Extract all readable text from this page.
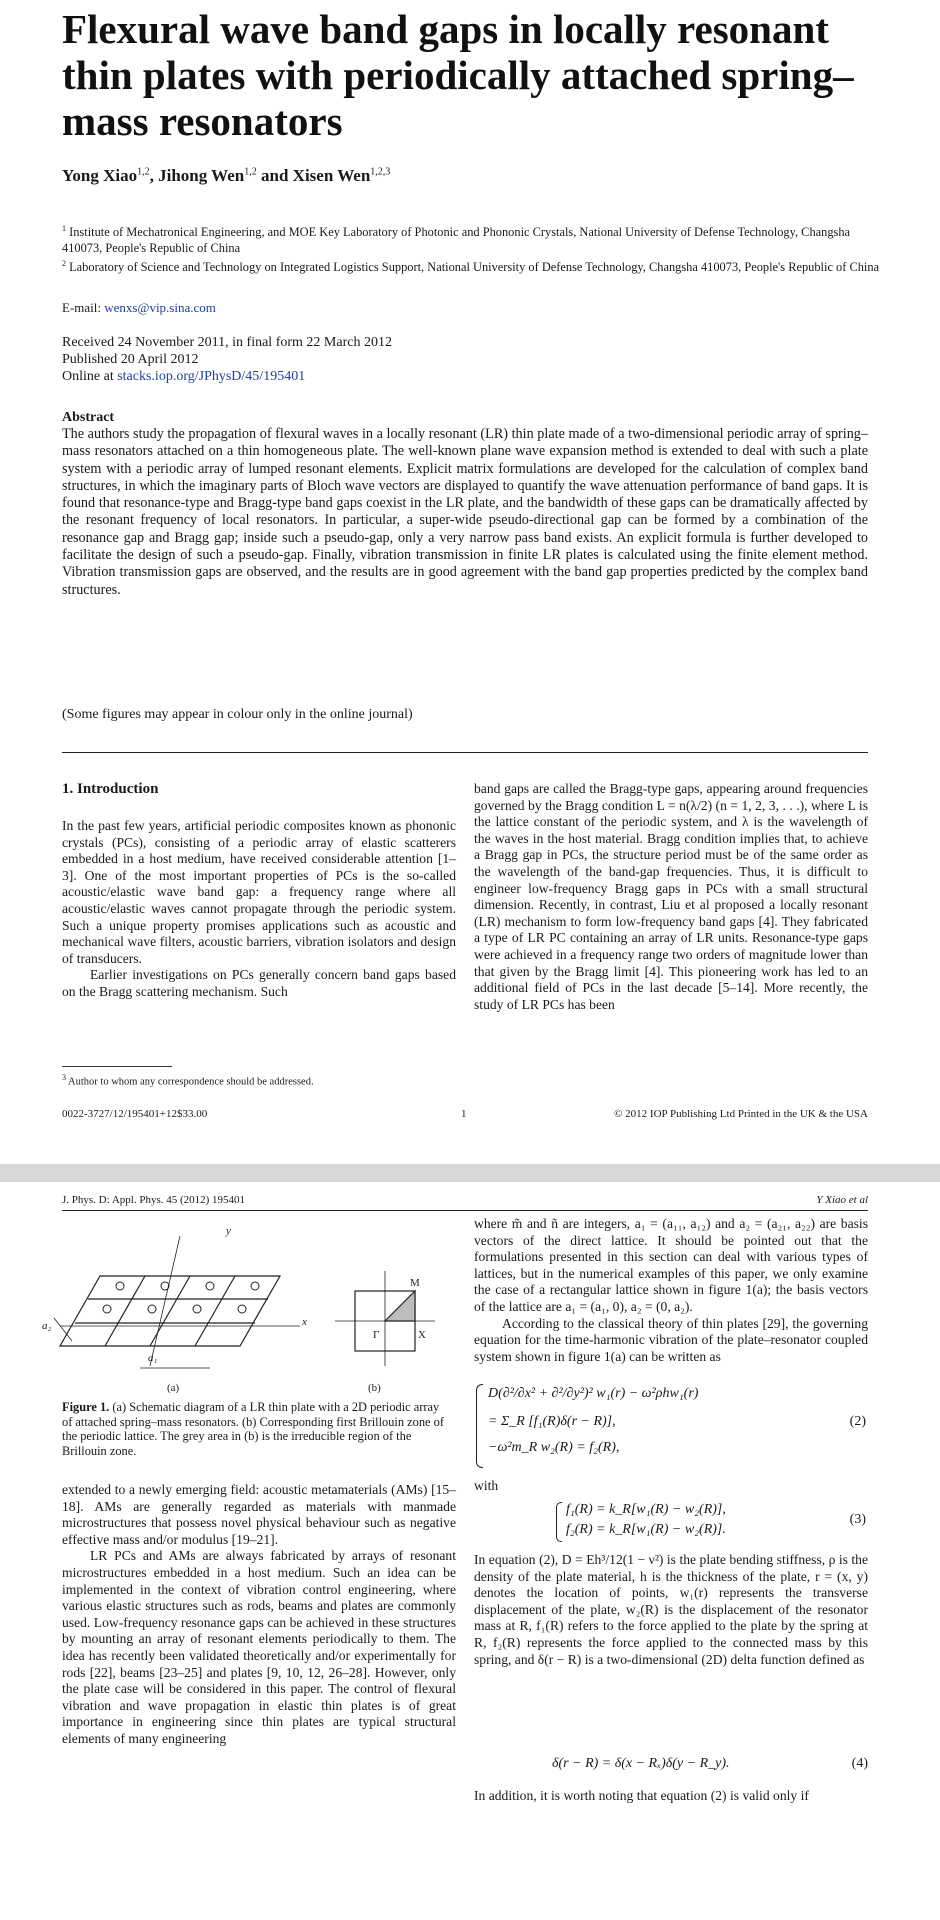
Flexural wave band gaps in locally resonant thin plates with periodically attached spring–mass resonators
Yong Xiao$^{1,2}$, Jihong Wen$^{1,2}$ and Xisen Wen$^{1,2,3}$
$^1$ Institute of Mechatronical Engineering, and MOE Key Laboratory of Photonic and Phononic Crystals, National University of Defense Technology, Changsha 410073, People's Republic of China
$^2$ Laboratory of Science and Technology on Integrated Logistics Support, National University of Defense Technology, Changsha 410073, People's Republic of China
E-mail: wenxs@vip.sina.com
Received 24 November 2011, in final form 22 March 2012
Published 20 April 2012
Online at stacks.iop.org/JPhysD/45/195401
Abstract
The authors study the propagation of flexural waves in a locally resonant (LR) thin plate made of a two-dimensional periodic array of spring–mass resonators attached on a thin homogeneous plate. The well-known plane wave expansion method is extended to deal with such a plate system with a periodic array of lumped resonant elements. Explicit matrix formulations are developed for the calculation of complex band structures, in which the imaginary parts of Bloch wave vectors are displayed to quantify the wave attenuation performance of band gaps. It is found that resonance-type and Bragg-type band gaps coexist in the LR plate, and the bandwidth of these gaps can be dramatically affected by the resonant frequency of local resonators. In particular, a super-wide pseudo-directional gap can be formed by a combination of the resonance gap and Bragg gap; inside such a pseudo-gap, only a very narrow pass band exists. An explicit formula is further developed to facilitate the design of such a pseudo-gap. Finally, vibration transmission in finite LR plates is calculated using the finite element method. Vibration transmission gaps are observed, and the results are in good agreement with the band gap properties predicted by the complex band structures.
(Some figures may appear in colour only in the online journal)
1. Introduction

In the past few years, artificial periodic composites known as phononic crystals (PCs), consisting of a periodic array of elastic scatterers embedded in a host medium, have received considerable attention [1–3]. One of the most important properties of PCs is the so-called acoustic/elastic wave band gap: a frequency range where all acoustic/elastic waves cannot propagate through the periodic system. Such a unique property promises applications such as acoustic and mechanical wave filters, acoustic barriers, vibration isolators and design of transducers.

Earlier investigations on PCs generally concern band gaps based on the Bragg scattering mechanism. Such

band gaps are called the Bragg-type gaps, appearing around frequencies governed by the Bragg condition L = n(λ/2) (n = 1, 2, 3, . . .), where L is the lattice constant of the periodic system, and λ is the wavelength of the waves in the host material. Bragg condition implies that, to achieve a Bragg gap in PCs, the structure period must be of the same order as the wavelength of the band-gap frequencies. Thus, it is difficult to engineer low-frequency Bragg gaps in PCs with a small structural dimension. Recently, in contrast, Liu et al proposed a locally resonant (LR) mechanism to form low-frequency band gaps [4]. They fabricated a type of LR PC containing an array of LR units. Resonance-type gaps were achieved in a frequency range two orders of magnitude lower than that given by the Bragg limit [4]. This pioneering work has led to an additional field of PCs in the last decade [5–14]. More recently, the study of LR PCs has been

$^3$ Author to whom any correspondence should be addressed.
0022-3727/12/195401+12$33.00	1	© 2012 IOP Publishing Ltd Printed in the UK & the USA
J. Phys. D: Appl. Phys. 45 (2012) 195401	Y Xiao et al
y
x
a₂
a₁
M
Γ	X
(a)	(b)
Figure 1. (a) Schematic diagram of a LR thin plate with a 2D periodic array of attached spring–mass resonators. (b) Corresponding first Brillouin zone of the periodic lattice. The grey area in (b) is the irreducible region of the Brillouin zone.

extended to a newly emerging field: acoustic metamaterials (AMs) [15–18]. AMs are generally regarded as materials with manmade microstructures that possess novel physical behaviour such as negative effective mass and/or modulus [19–21].

LR PCs and AMs are always fabricated by arrays of resonant microstructures embedded in a host medium. Such an idea can be implemented in the context of vibration control engineering, where various elastic structures such as rods, beams and plates are commonly used. Low-frequency resonance gaps can be achieved in these structures by mounting an array of resonant elements periodically to them. The idea has recently been validated theoretically and/or experimentally for rods [22], beams [23–25] and plates [9, 10, 12, 26–28]. However, only the plate case will be considered in this paper. The control of flexural vibration and wave propagation in elastic thin plates is of great importance in engineering since thin plates are typical structural elements of many engineering

where m̃ and ñ are integers, a₁ = (a₁₁, a₁₂) and a₂ = (a₂₁, a₂₂) are basis vectors of the direct lattice. It should be pointed out that the formulations presented in this section can deal with various types of lattices, but in the numerical examples of this paper, we only examine the case of a rectangular lattice shown in figure 1(a); the basis vectors of the lattice are a₁ = (a₁, 0), a₂ = (0, a₂).

According to the classical theory of thin plates [29], the governing equation for the time-harmonic vibration of the plate–resonator coupled system shown in figure 1(a) can be written as

D(∂²/∂x² + ∂²/∂y²)² w₁(r) − ω²ρhw₁(r)
= Σ_R [f₁(R)δ(r − R)],
−ω²m_R w₂(R) = f₂(R),
(2)
with
f₁(R) = k_R[w₁(R) − w₂(R)],
f₂(R) = k_R[w₁(R) − w₂(R)].
(3)

In equation (2), D = Eh³/12(1 − ν²) is the plate bending stiffness, ρ is the density of the plate material, h is the thickness of the plate, r = (x, y) denotes the location of points, w₁(r) represents the transverse displacement of the plate, w₂(R) is the displacement of the resonator mass at R, f₁(R) refers to the force applied to the plate by the spring at R, f₂(R) represents the force applied to the connected mass by this spring, and δ(r − R) is a two-dimensional (2D) delta function defined as

δ(r − R) = δ(x − Rₓ)δ(y − R_y).	(4)

In addition, it is worth noting that equation (2) is valid only if
